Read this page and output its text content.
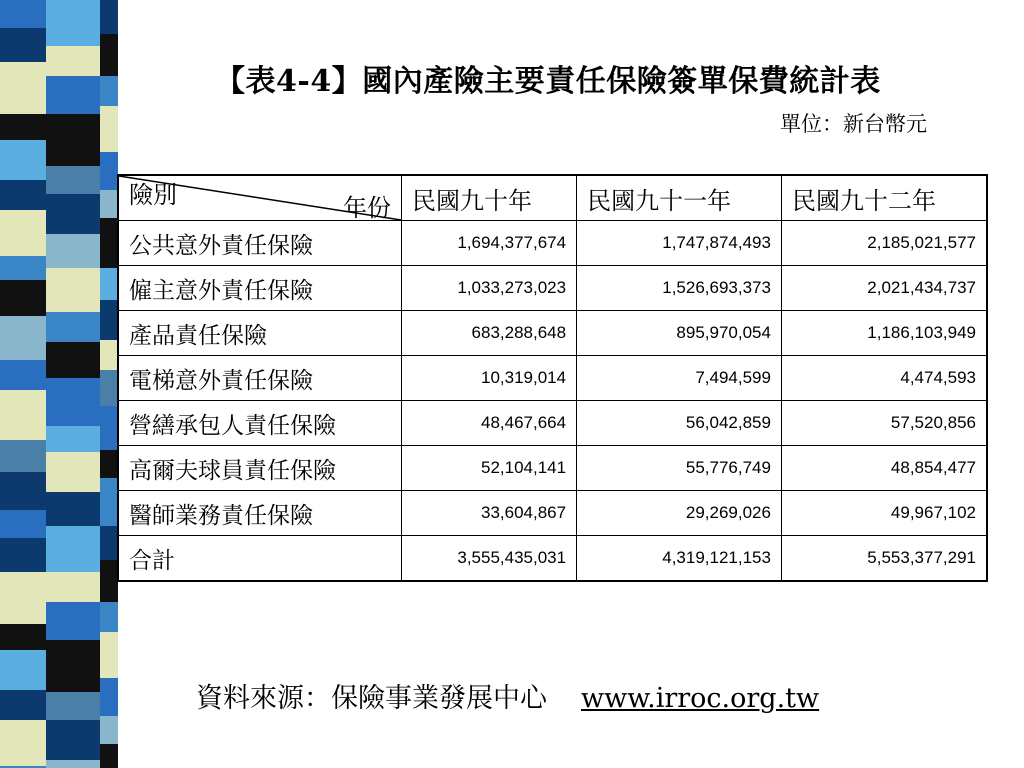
【表4-4】國內產險主要責任保險簽單保費統計表
單位：新台幣元
年份
險別	民國九十年	民國九十一年	民國九十二年
公共意外責任保險	1,694,377,674	1,747,874,493	2,185,021,577
僱主意外責任保險	1,033,273,023	1,526,693,373	2,021,434,737
產品責任保險	683,288,648	895,970,054	1,186,103,949
電梯意外責任保險	10,319,014	7,494,599	4,474,593
營繕承包人責任保險	48,467,664	56,042,859	57,520,856
高爾夫球員責任保險	52,104,141	55,776,749	48,854,477
醫師業務責任保險	33,604,867	29,269,026	49,967,102
合計	3,555,435,031	4,319,121,153	5,553,377,291
資料來源：保險事業發展中心 www.irroc.org.tw
